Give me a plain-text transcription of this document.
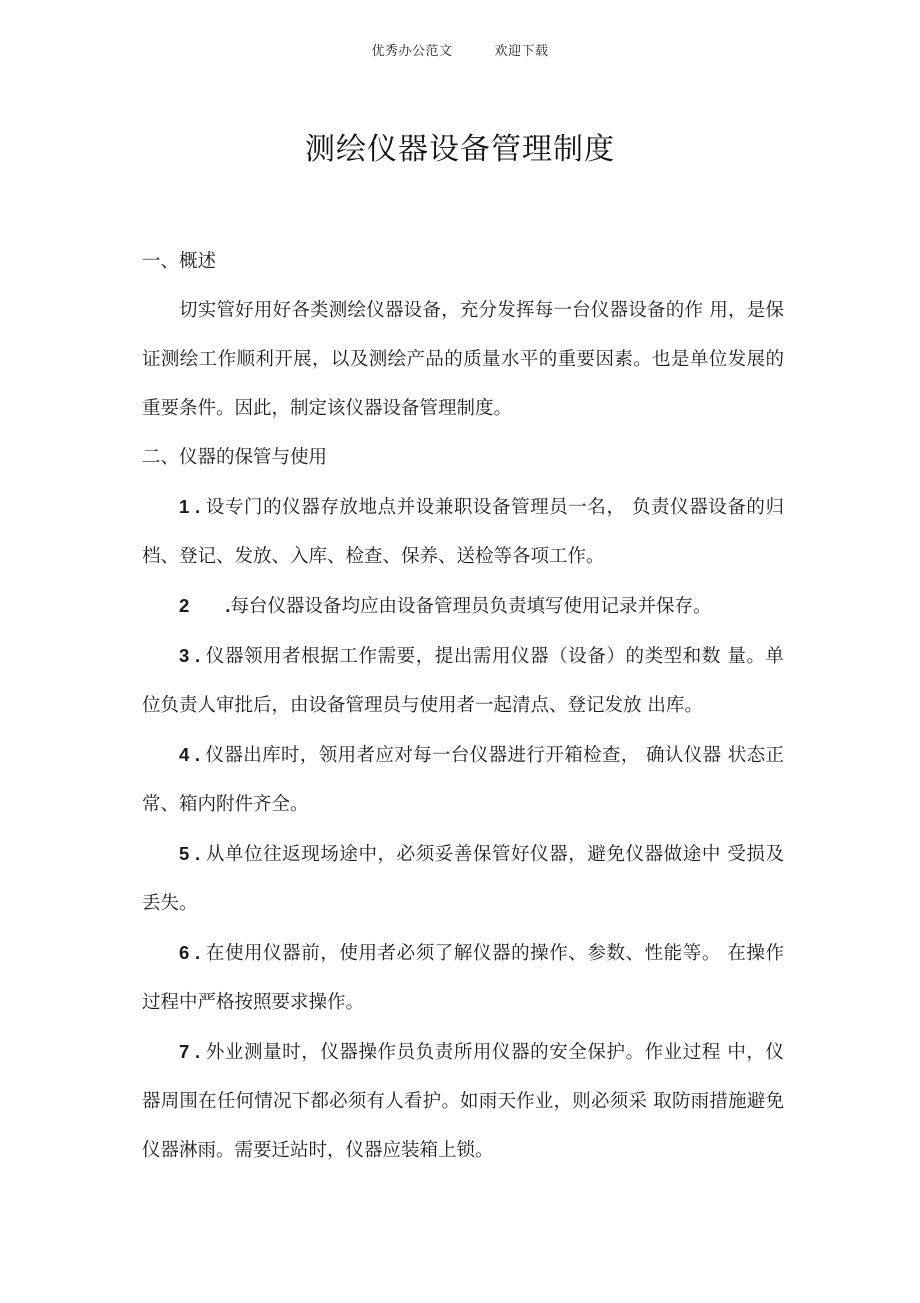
优秀办公范文	欢迎下载
测绘仪器设备管理制度

一、概述

切实管好用好各类测绘仪器设备，充分发挥每一台仪器设备的作 用，是保证测绘工作顺利开展，以及测绘产品的质量水平的重要因素。也是单位发展的重要条件。因此，制定该仪器设备管理制度。

二、仪器的保管与使用

1 . 设专门的仪器存放地点并设兼职设备管理员一名， 负责仪器设备的归档、登记、发放、入库、检查、保养、送检等各项工作。

2 .每台仪器设备均应由设备管理员负责填写使用记录并保存。

3 . 仪器领用者根据工作需要，提出需用仪器（设备）的类型和数 量。单位负责人审批后，由设备管理员与使用者一起清点、登记发放 出库。

4 . 仪器出库时，领用者应对每一台仪器进行开箱检查， 确认仪器 状态正常、箱内附件齐全。

5 . 从单位往返现场途中，必须妥善保管好仪器，避免仪器做途中 受损及丢失。

6 . 在使用仪器前，使用者必须了解仪器的操作、参数、性能等。 在操作过程中严格按照要求操作。

7 . 外业测量时，仪器操作员负责所用仪器的安全保护。作业过程 中，仪器周围在任何情况下都必须有人看护。如雨天作业，则必须采 取防雨措施避免仪器淋雨。需要迁站时，仪器应装箱上锁。
